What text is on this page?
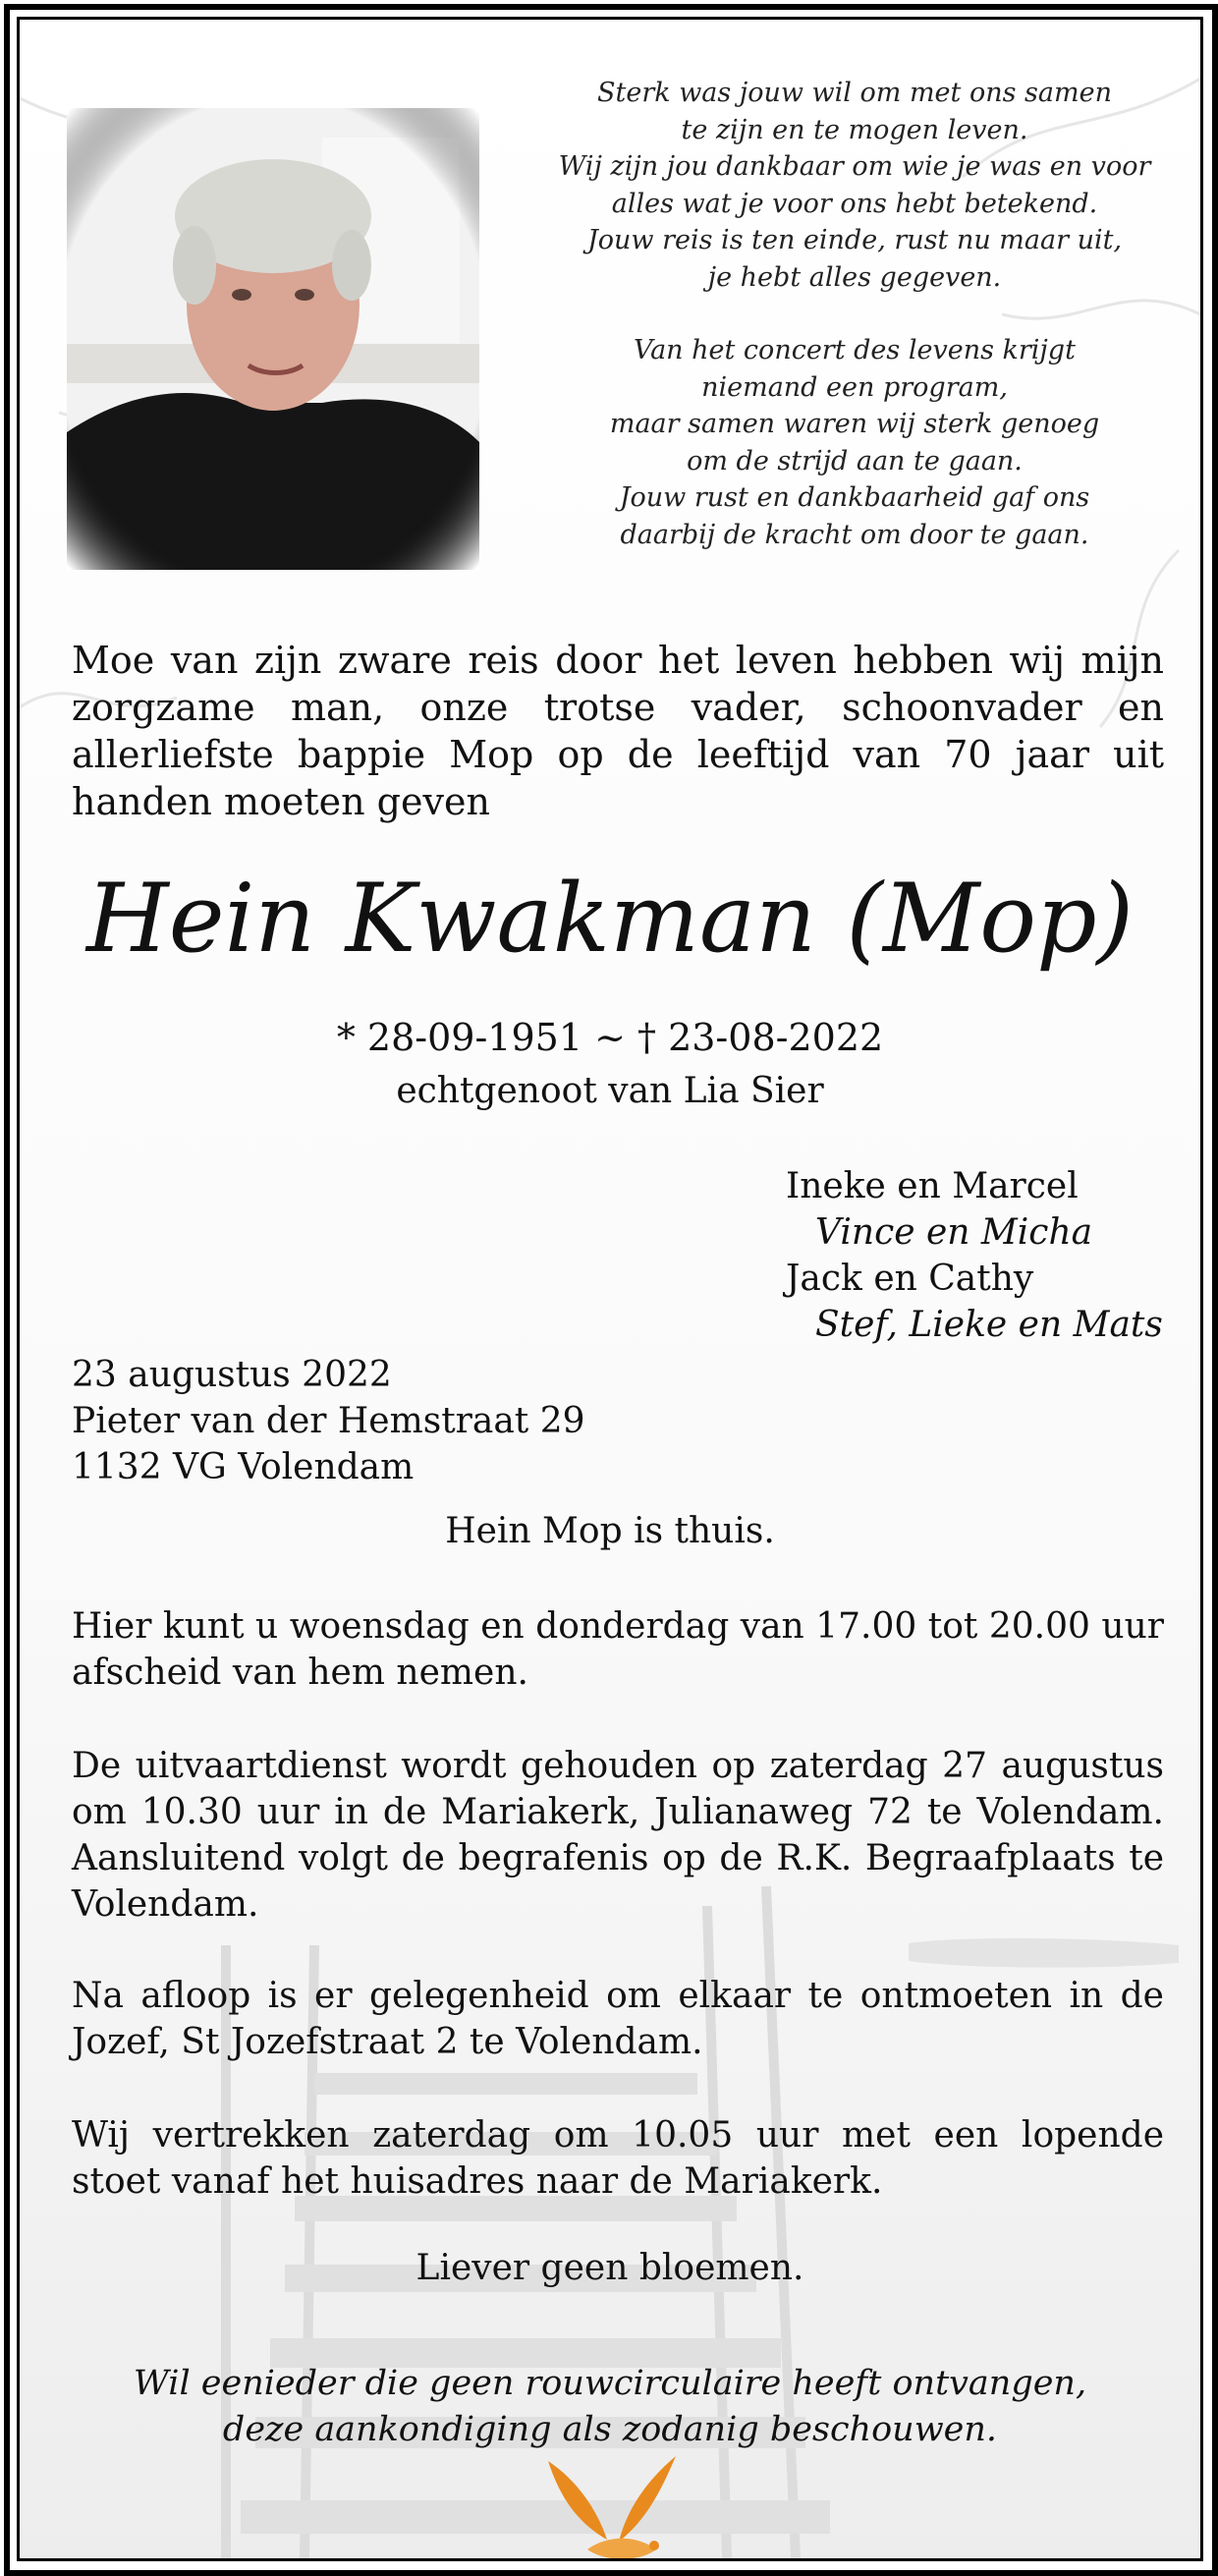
Sterk was jouw wil om met ons samen
te zijn en te mogen leven.
Wij zijn jou dankbaar om wie je was en voor
alles wat je voor ons hebt betekend.
Jouw reis is ten einde, rust nu maar uit,
je hebt alles gegeven.
Van het concert des levens krijgt
niemand een program,
maar samen waren wij sterk genoeg
om de strijd aan te gaan.
Jouw rust en dankbaarheid gaf ons
daarbij de kracht om door te gaan.
Moe van zijn zware reis door het leven hebben wij mijn zorgzame man, onze trotse vader, schoonvader en allerliefste bappie Mop op de leeftijd van 70 jaar uit handen moeten geven
Hein Kwakman (Mop)
* 28-09-1951 ~ † 23-08-2022
echtgenoot van Lia Sier
Ineke en Marcel
Vince en Micha
Jack en Cathy
Stef, Lieke en Mats
23 augustus 2022
Pieter van der Hemstraat 29
1132 VG Volendam
Hein Mop is thuis.
Hier kunt u woensdag en donderdag van 17.00 tot 20.00 uur afscheid van hem nemen.
De uitvaartdienst wordt gehouden op zaterdag 27 augustus om 10.30 uur in de Mariakerk, Julianaweg 72 te Volendam. Aansluitend volgt de begrafenis op de R.K. Begraafplaats te Volendam.
Na afloop is er gelegenheid om elkaar te ontmoeten in de Jozef, St Jozefstraat 2 te Volendam.
Wij vertrekken zaterdag om 10.05 uur met een lopende stoet vanaf het huisadres naar de Mariakerk.
Liever geen bloemen.
Wil eenieder die geen rouwcirculaire heeft ontvangen,
deze aankondiging als zodanig beschouwen.
